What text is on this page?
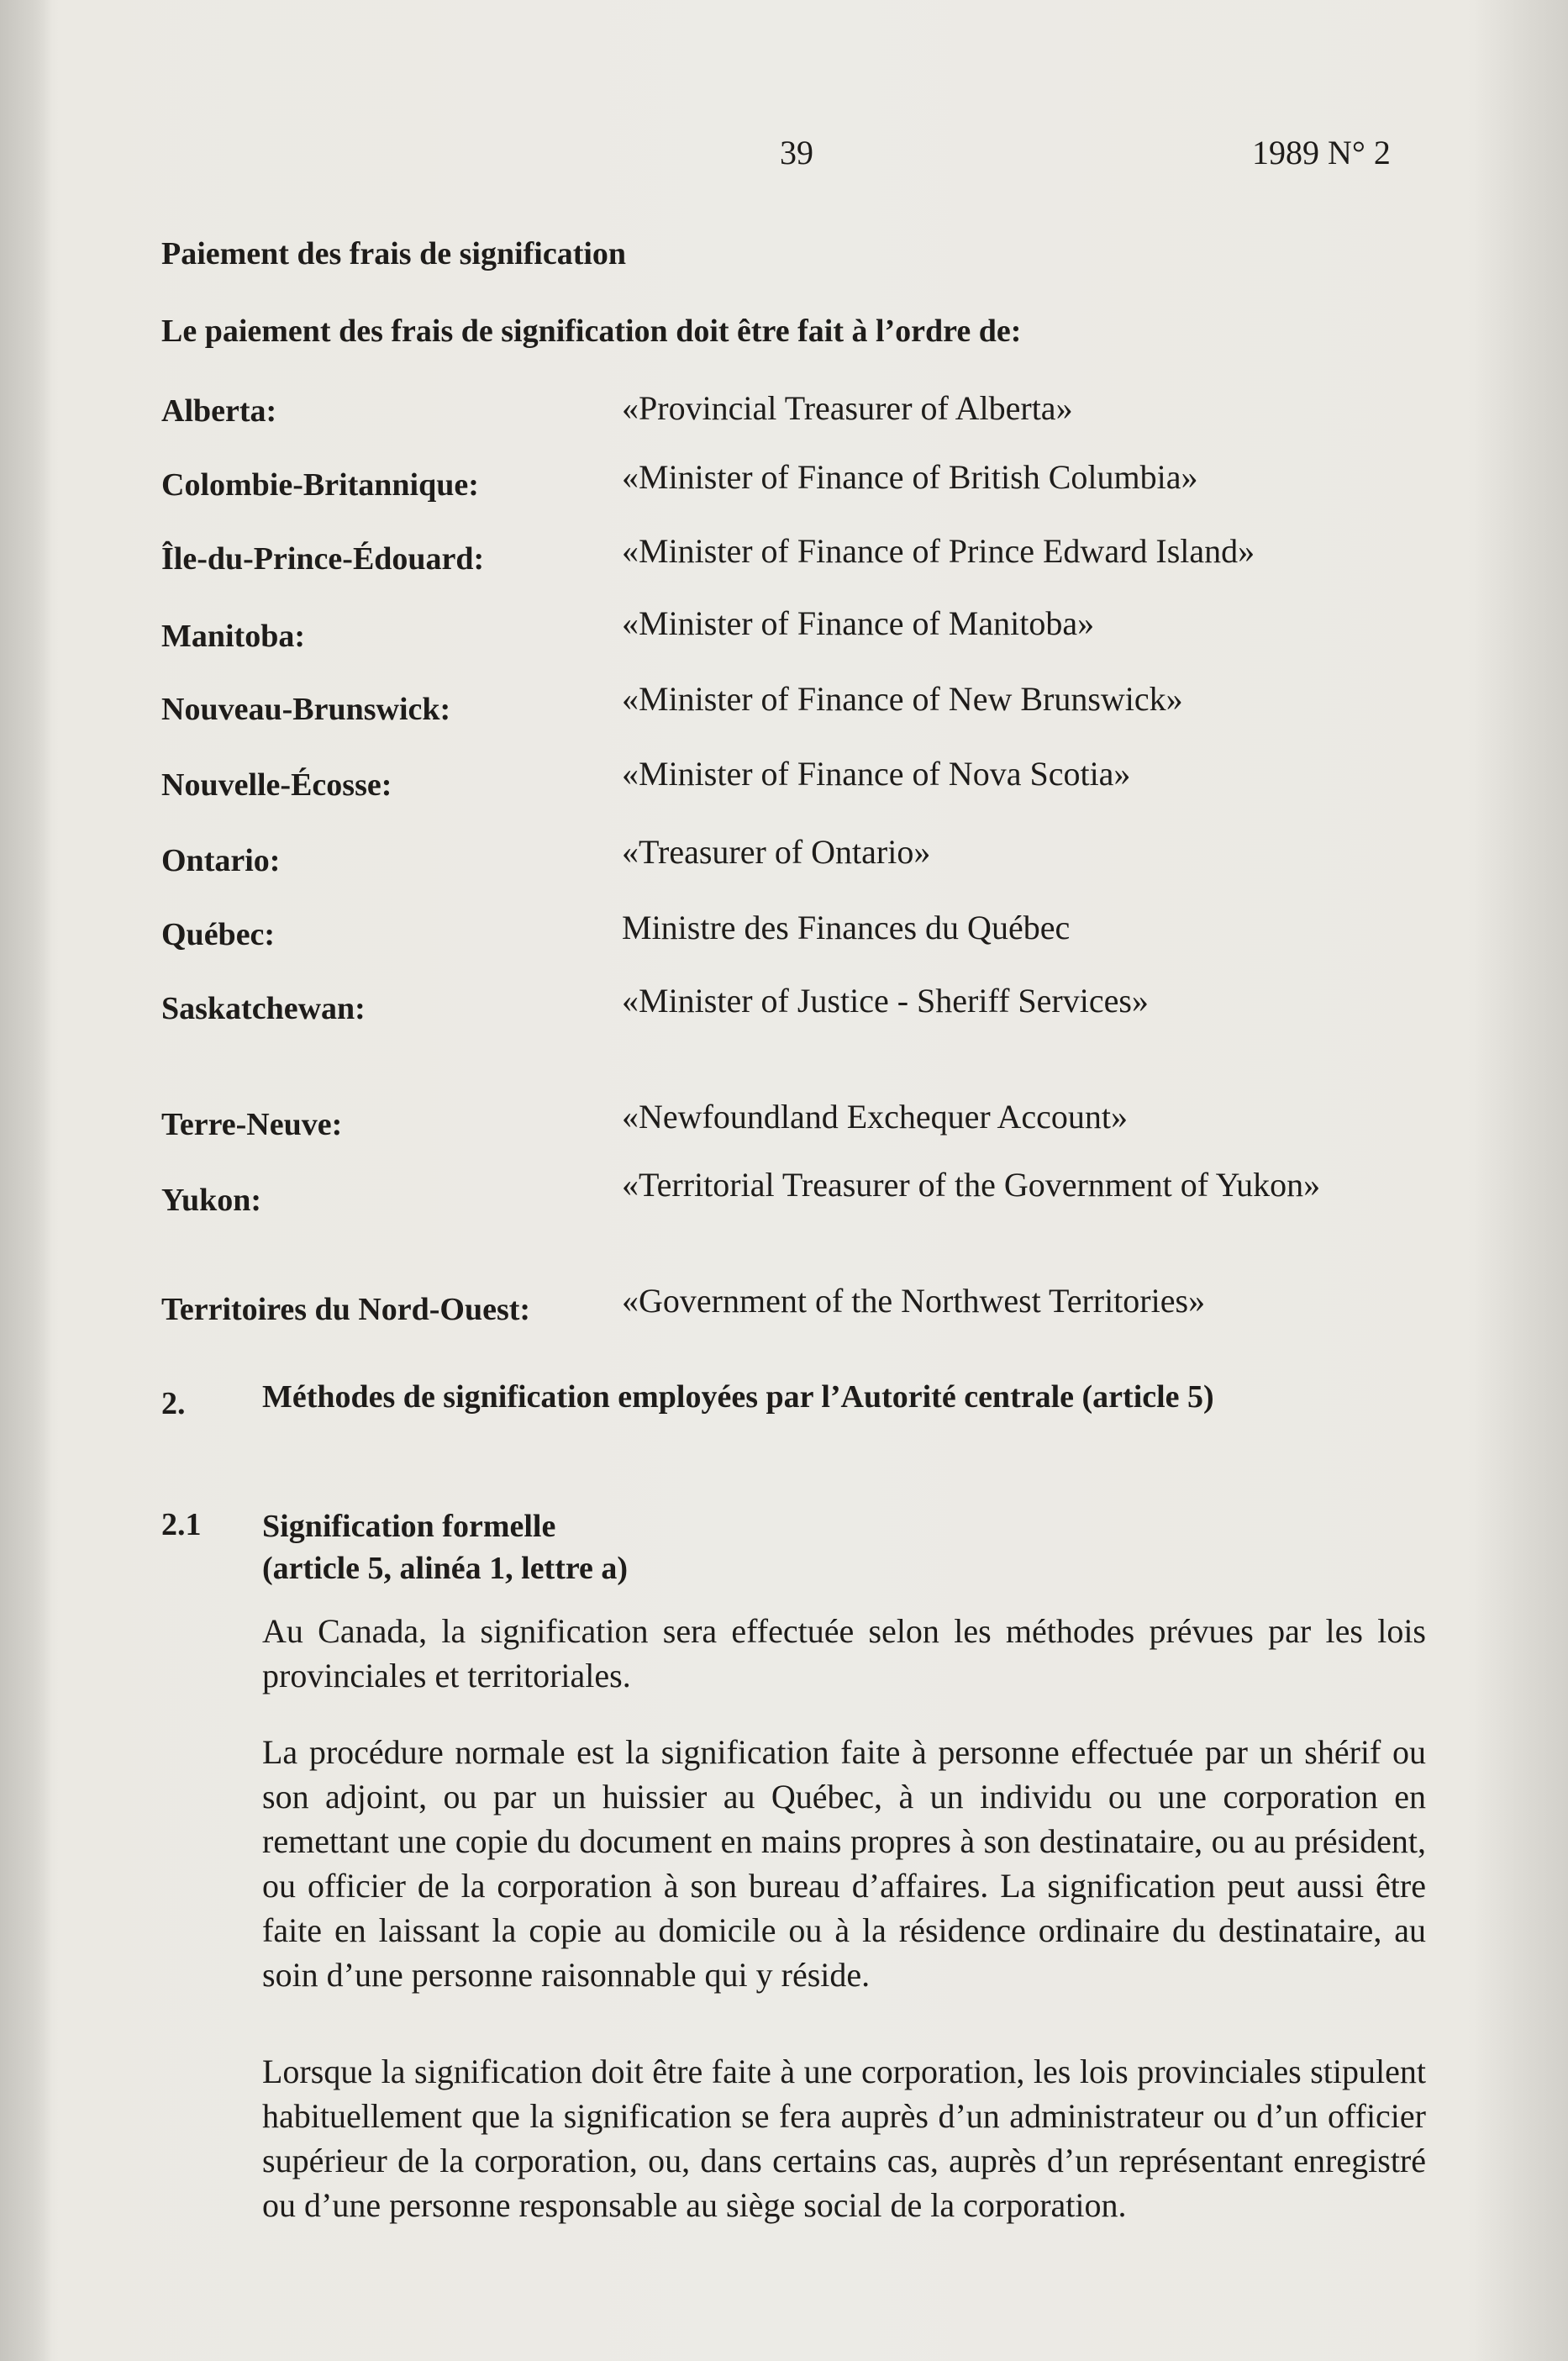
39	1989 N° 2
Paiement des frais de signification
Le paiement des frais de signification doit être fait à l’ordre de:
Alberta:	«Provincial Treasurer of Alberta»
Colombie-Britannique:	«Minister of Finance of British Columbia»
Île-du-Prince-Édouard:	«Minister of Finance of Prince Edward Island»
Manitoba:	«Minister of Finance of Manitoba»
Nouveau-Brunswick:	«Minister of Finance of New Brunswick»
Nouvelle-Écosse:	«Minister of Finance of Nova Scotia»
Ontario:	«Treasurer of Ontario»
Québec:	Ministre des Finances du Québec
Saskatchewan:	«Minister of Justice - Sheriff Services»
Terre-Neuve:	«Newfoundland Exchequer Account»
Yukon:	«Territorial Treasurer of the Government of Yukon»
Territoires du Nord-Ouest:	«Government of the Northwest Territories»
2. Méthodes de signification employées par l’Autorité centrale (article 5)
2.1 Signification formelle
(article 5, alinéa 1, lettre a)
Au Canada, la signification sera effectuée selon les méthodes prévues par les lois provinciales et territoriales.
La procédure normale est la signification faite à personne effectuée par un shérif ou son adjoint, ou par un huissier au Québec, à un individu ou une corporation en remettant une copie du document en mains propres à son destinataire, ou au président, ou officier de la corporation à son bureau d’affaires. La signification peut aussi être faite en laissant la copie au domicile ou à la résidence ordinaire du destinataire, au soin d’une personne raisonnable qui y réside.
Lorsque la signification doit être faite à une corporation, les lois provinciales stipulent habituellement que la signification se fera auprès d’un administrateur ou d’un officier supérieur de la corporation, ou, dans certains cas, auprès d’un représentant enregistré ou d’une personne responsable au siège social de la corporation.
